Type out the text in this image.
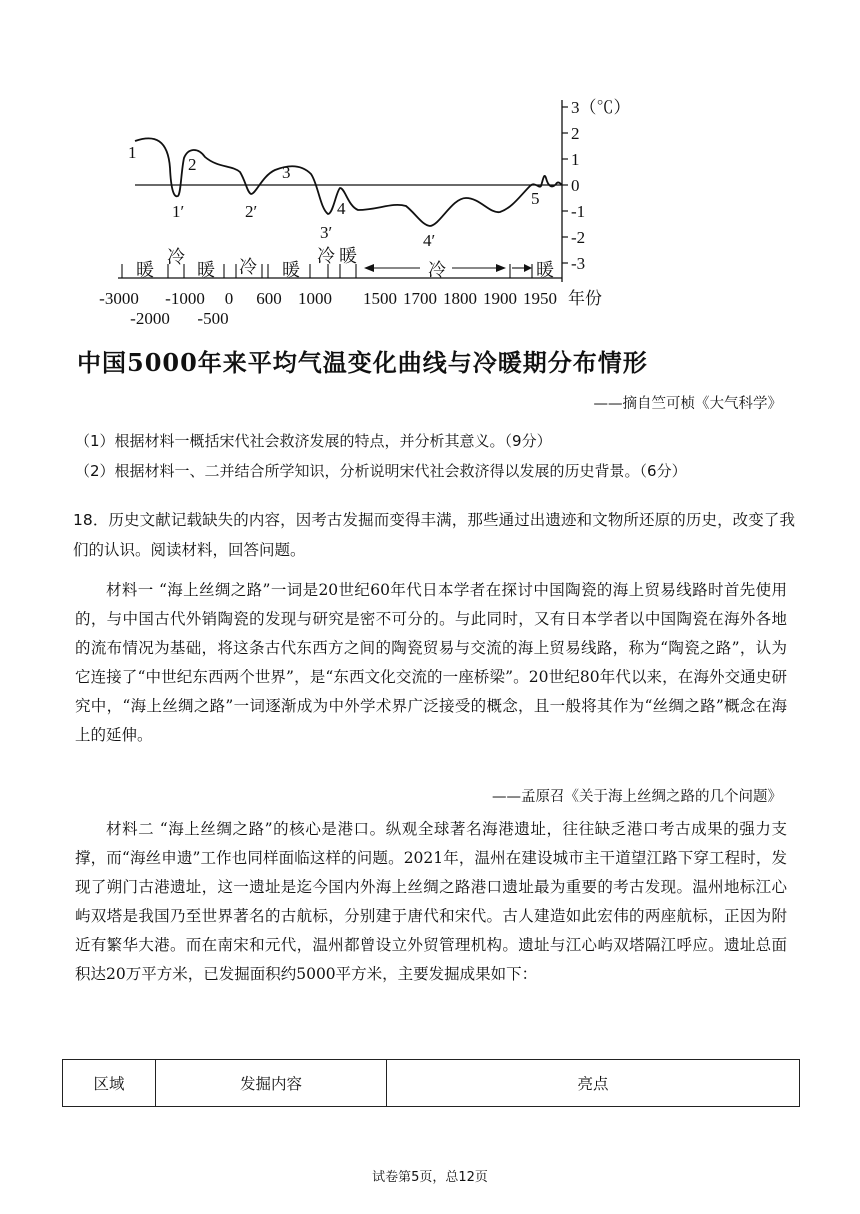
3（℃）
2
1
0
-1
-2
-3
1
2	3
4
5
1′	2′
3′	4′
暖
冷
暖 冷 暖
冷 暖
冷	暖
-3000 -1000 0 600 1000 1500 1700 1800 1900 1950 年份
-2000 -500
中国5000年来平均气温变化曲线与冷暖期分布情形
——摘自竺可桢《大气科学》
（1）根据材料一概括宋代社会救济发展的特点，并分析其意义。（9分）
（2）根据材料一、二并结合所学知识，分析说明宋代社会救济得以发展的历史背景。（6分）
18．历史文献记载缺失的内容，因考古发掘而变得丰满，那些通过出遗迹和文物所还原的历史，改变了我们的认识。阅读材料，回答问题。
材料一 “海上丝绸之路”一词是20世纪60年代日本学者在探讨中国陶瓷的海上贸易线路时首先使用的，与中国古代外销陶瓷的发现与研究是密不可分的。与此同时，又有日本学者以中国陶瓷在海外各地的流布情况为基础，将这条古代东西方之间的陶瓷贸易与交流的海上贸易线路，称为“陶瓷之路”，认为它连接了“中世纪东西两个世界”，是“东西文化交流的一座桥梁”。20世纪80年代以来，在海外交通史研究中，“海上丝绸之路”一词逐渐成为中外学术界广泛接受的概念，且一般将其作为“丝绸之路”概念在海上的延伸。
——孟原召《关于海上丝绸之路的几个问题》
材料二 “海上丝绸之路”的核心是港口。纵观全球著名海港遗址，往往缺乏港口考古成果的强力支撑，而“海丝申遗”工作也同样面临这样的问题。2021年，温州在建设城市主干道望江路下穿工程时，发现了朔门古港遗址，这一遗址是迄今国内外海上丝绸之路港口遗址最为重要的考古发现。温州地标江心屿双塔是我国乃至世界著名的古航标，分别建于唐代和宋代。古人建造如此宏伟的两座航标，正因为附近有繁华大港。而在南宋和元代，温州都曾设立外贸管理机构。遗址与江心屿双塔隔江呼应。遗址总面积达20万平方米，已发掘面积约5000平方米，主要发掘成果如下：
区域	发掘内容	亮点
试卷第5页，总12页
